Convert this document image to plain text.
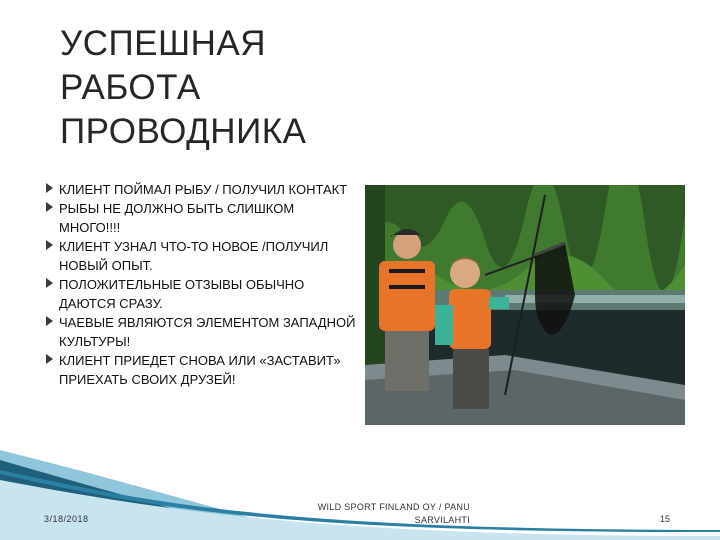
УСПЕШНАЯ
РАБОТА
ПРОВОДНИКА
КЛИЕНТ ПОЙМАЛ РЫБУ / ПОЛУЧИЛ КОНТАКТ
РЫБЫ НЕ ДОЛЖНО БЫТЬ СЛИШКОМ МНОГО!!!!
КЛИЕНТ УЗНАЛ ЧТО-ТО НОВОЕ /ПОЛУЧИЛ НОВЫЙ ОПЫТ.
ПОЛОЖИТЕЛЬНЫЕ ОТЗЫВЫ ОБЫЧНО ДАЮТСЯ СРАЗУ.
ЧАЕВЫЕ ЯВЛЯЮТСЯ ЭЛЕМЕНТОМ ЗАПАДНОЙ КУЛЬТУРЫ!
КЛИЕНТ ПРИЕДЕТ СНОВА ИЛИ «ЗАСТАВИТ» ПРИЕХАТЬ СВОИХ ДРУЗЕЙ!
3/18/2018
WILD SPORT FINLAND OY / PANU
SARVILAHTI	15
